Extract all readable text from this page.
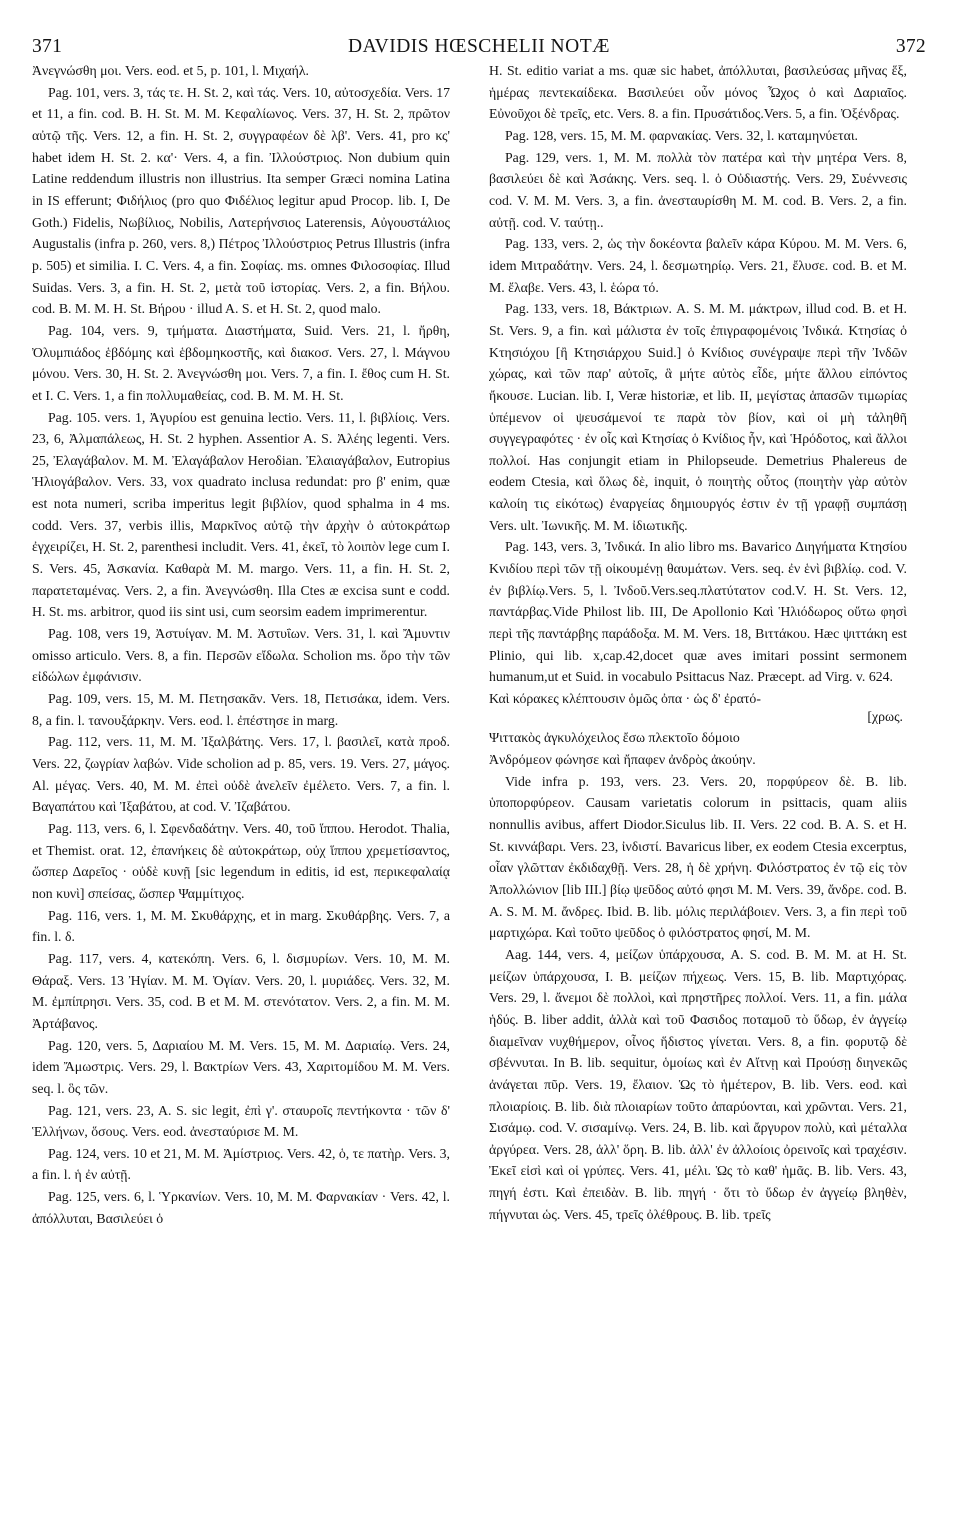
371	DAVIDIS HŒSCHELII NOTÆ	372

Ἀνεγνώσθη μοι. Vers. eod. et 5, p. 101, l. Μιχαήλ.

Pag. 101, vers. 3, τάς τε. H. St. 2, καὶ τάς. Vers. 10, αὐτοσχεδία. Vers. 17 et 11, a fin. cod. B. H. St. M. M. Κεφαλίωνος. Vers. 37, H. St. 2, πρῶτον αὐτῷ τῆς. Vers. 12, a fin. H. St. 2, συγγραφέων δὲ λβ'. Vers. 41, pro κς' habet idem H. St. 2. κα'· Vers. 4, a fin. Ἰλλούστριος. Non dubium quin Latine reddendum illustris non illustrius. Ita semper Græci nomina Latina in IS efferunt; Φιδήλιος (pro quo Φιδέλιος legitur apud Procop. lib. I, De Goth.) Fidelis, Νωβίλιος, Nobilis, Λατερήνσιος Laterensis, Αὐγουστάλιος Augustalis (infra p. 260, vers. 8,) Πέτρος Ἰλλούστριος Petrus Illustris (infra p. 505) et similia. I. C. Vers. 4, a fin. Σοφίας. ms. omnes Φιλοσοφίας. Illud Suidas. Vers. 3, a fin. H. St. 2, μετὰ τοῦ ἱστορίας. Vers. 2, a fin. Βήλου. cod. B. M. M. H. St. Βήρου · illud A. S. et H. St. 2, quod malo.

Pag. 104, vers. 9, τμήματα. Διαστήματα, Suid. Vers. 21, l. ἤρθη, Ὀλυμπιάδος ἑβδόμης καὶ ἑβδομηκοστῆς, καὶ διακοσ. Vers. 27, l. Μάγνου μόνου. Vers. 30, H. St. 2. Ἀνεγνώσθη μοι. Vers. 7, a fin. I. ἔθος cum H. St. et I. C. Vers. 1, a fin πολλυμαθείας, cod. B. M. M. H. St.

Pag. 105. vers. 1, Ἀγυρίου est genuina lectio. Vers. 11, l. βιβλίοις. Vers. 23, 6, Ἀλμαπάλεως, H. St. 2 hyphen. Assentior A. S. Ἀλέης legenti. Vers. 25, Ἐλαγάβαλον. M. M. Ἐλαγάβαλον Heroδian. Ἐλαιαγάβαλον, Eutropius Ἡλιογάβαλον. Vers. 33, vox quadrato inclusa redundat: pro β' enim, quæ est nota numeri, scriba imperitus legit βιβλίον, quod sphalma in 4 ms. codd. Vers. 37, verbis illis, Μαρκῖνος αὐτῷ τὴν ἀρχὴν ὁ αὐτοκράτωρ ἐγχειρίζει, H. St. 2, parenthesi includit. Vers. 41, ἐκεῖ, τὸ λοιπὸν lege cum I. S. Vers. 45, Ἀσκανία. Καθαρὰ M. M. margo. Vers. 11, a fin. H. St. 2, παρατεταμένας. Vers. 2, a fin. Ἀνεγνώσθη. Illa Ctes æ excisa sunt e codd. H. St. ms. arbitror, quod iis sint usi, cum seorsim eadem imprimerentur.

Pag. 108, vers 19, Ἀστυίγαν. M. M. Ἀστυΐων. Vers. 31, l. καὶ Ἄμυντιν omisso articulo. Vers. 8, a fin. Περσῶν εἴδωλα. Scholion ms. ὅρο τὴν τῶν εἰδώλων ἐμφάνισιν.

Pag. 109, vers. 15, M. M. Πετησακᾶν. Vers. 18, Πετισάκα, idem. Vers. 8, a fin. l. τανουξάρκην. Vers. eod. l. ἐπέστησε in marg.

Pag. 112, vers. 11, M. M. Ἰξαλβάτης. Vers. 17, l. βασιλεῖ, κατὰ προδ. Vers. 22, ζωγρίαν λαβών. Vide scholion ad p. 85, vers. 19. Vers. 27, μάγος. Al. μέγας. Vers. 40, M. M. ἐπεὶ οὐδὲ ἀνελεῖν ἐμέλετο. Vers. 7, a fin. l. Βαγαπάτου καὶ Ἰξαβάτου, at cod. V. Ἰζαβάτου.

Pag. 113, vers. 6, l. Σφενδαδάτην. Vers. 40, τοῦ ἵππου. Herodot. Thalia, et Themist. orat. 12, ἐπανήκεις δὲ αὐτοκράτωρ, οὐχ ἵππου χρεμετίσαντος, ὥσπερ Δαρεῖος · οὐδὲ κυνῇ [sic legendum in editis, id est, περικεφαλαίᾳ non κυνὶ] σπείσας, ὥσπερ Ψαμμίτιχος.

Pag. 116, vers. 1, M. M. Σκυθάρχης, et in marg. Σκυθάρβης. Vers. 7, a fin. l. δ.

Pag. 117, vers. 4, κατεκόπη. Vers. 6, l. δισμυρίων. Vers. 10, M. M. Θάραξ. Vers. 13 Ἠγίαν. M. M. Ὀγίαν. Vers. 20, l. μυριάδες. Vers. 32, M. M. ἐμπίπρησι. Vers. 35, cod. B et M. M. στενότατον. Vers. 2, a fin. M. M. Ἀρτάβανος.

Pag. 120, vers. 5, Δαριαίου M. M. Vers. 15, M. M. Δαριαίῳ. Vers. 24, idem Ἄμωστρις. Vers. 29, l. Βακτρίων Vers. 43, Χαριτομίδου M. M. Vers. seq. l. ὃς τῶν.

Pag. 121, vers. 23, A. S. sic legit, ἐπὶ γ'. σταυροῖς πεντήκοντα · τῶν δ' Ἑλλήνων, ὅσους. Vers. eod. ἀνεσταύρισε M. M.

Pag. 124, vers. 10 et 21, M. M. Ἀμίστριος. Vers. 42, ὁ, τε πατὴρ. Vers. 3, a fin. l. ἡ ἐν αὐτῇ.

Pag. 125, vers. 6, l. Ὑρκανίων. Vers. 10, M. M. Φαρνακίαν · Vers. 42, l. ἀπόλλυται, Βασιλεύει ὁ

H. St. editio variat a ms. quæ sic habet, ἀπόλλυται, βασιλεύσας μῆνας ἕξ, ἡμέρας πεντεκαίδεκα. Βασιλεύει οὖν μόνος Ὦχος ὁ καὶ Δαριαῖος. Εὐνοῦχοι δὲ τρεῖς, etc. Vers. 8. a fin. Πρυσάτιδος.Vers. 5, a fin. Ὀξένδρας.

Pag. 128, vers. 15, M. M. φαρνακίας. Vers. 32, l. καταμηνύεται.

Pag. 129, vers. 1, M. M. πολλὰ τὸν πατέρα καὶ τὴν μητέρα Vers. 8, βασιλεύει δὲ καὶ Ἀσάκης. Vers. seq. l. ὁ Οὐδιαστής. Vers. 29, Συέννεσις cod. V. M. M. Vers. 3, a fin. ἀνεσταυρίσθη M. M. cod. B. Vers. 2, a fin. αὐτῇ. cod. V. ταύτῃ..

Pag. 133, vers. 2, ὡς τὴν δοκέοντα βαλεῖν κάρα Κύρου. M. M. Vers. 6, idem Μιτραδάτην. Vers. 24, l. δεσμωτηρίῳ. Vers. 21, ἔλυσε. cod. B. et M. M. ἔλαβε. Vers. 43, l. ἑώρα τό.

Pag. 133, vers. 18, Βάκτριων. A. S. M. M. μάκτρων, illud cod. B. et H. St. Vers. 9, a fin. καὶ μάλιστα ἐν τοῖς ἐπιγραφομένοις Ἰνδικά. Κτησίας ὁ Κτησιόχου [ἢ Κτησιάρχου Suid.] ὁ Κνίδιος συνέγραψε περὶ τῆν Ἰνδῶν χώρας, καὶ τῶν παρ' αὐτοῖς, ἃ μήτε αὐτὸς εἶδε, μήτε ἄλλου εἰπόντος ἤκουσε. Lucian. lib. I, Veræ historiæ, et lib. II, μεγίστας ἁπασῶν τιμωρίας ὑπέμενον οἱ ψευσάμενοί τε παρὰ τὸν βίον, καὶ οἱ μὴ τἀληθῆ συγγεγραφότες · ἐν οἷς καὶ Κτησίας ὁ Κνίδιος ἦν, καὶ Ἡρόδοτος, καὶ ἄλλοι πολλοί. Has conjungit etiam in Philopseude. Demetrius Phalereus de eodem Ctesia, καὶ ὅλως δὲ, inquit, ὁ ποιητὴς οὗτος (ποιητὴν γὰρ αὐτὸν καλοίη τις εἰκότως) ἐναργείας δημιουργός ἐστιν ἐν τῇ γραφῇ συμπάσῃ Vers. ult. Ἰωνικῆς. M. M. ἰδιωτικῆς.

Pag. 143, vers. 3, Ἰνδικά. In alio libro ms. Bavarico Διηγήματα Κτησίου Κνιδίου περὶ τῶν τῇ οἰκουμένῃ θαυμάτων. Vers. seq. ἐν ἑνὶ βιβλίῳ. cod. V. ἐν βιβλίῳ.Vers. 5, l. Ἰνδοῦ.Vers.seq.πλατύτατον cod.V. H. St. Vers. 12, παντάρβας.Vide Philost lib. III, De Apollonio Καὶ Ἡλιόδωρος οὕτω φησὶ περὶ τῆς παντάρβης παράδοξα. M. M. Vers. 18, Βιττάκου. Hæc ψιττάκη est Plinio, qui lib. x,cap.42,docet quæ aves imitari possint sermonem humanum,ut et Suid. in vocabulo Psittacus Naz. Præcept. ad Virg. v. 624.

Καὶ κόρακες κλέπτουσιν ὁμῶς ὀπα · ὡς δ' ἐρατό-

[χρως.

Ψιττακὸς ἀγκυλόχειλος ἔσω πλεκτοῖο δόμοιο

Ἀνδρόμεον φώνησε καὶ ἤπαφεν ἀνδρὸς ἀκούην.

Vide infra p. 193, vers. 23. Vers. 20, πορφύρεον δὲ. B. lib. ὑποπορφύρεον. Causam varietatis colorum in psittacis, quam aliis nonnullis avibus, affert Diodor.Siculus lib. II. Vers. 22 cod. B. A. S. et H. St. κιννάβαρι. Vers. 23, ἰνδιστί. Bavaricus liber, ex eodem Ctesia excerptus, οἷαν γλῶτταν ἐκδιδαχθῇ. Vers. 28, ἡ δὲ χρήνη. Φιλόστρατος ἐν τῷ εἰς τὸν Ἀπολλώνιον [lib III.] βίῳ ψεῦδος αὐτό φησι M. M. Vers. 39, ἄνδρε. cod. B. A. S. M. M. ἄνδρες. Ibid. B. lib. μόλις περιλάβοιεν. Vers. 3, a fin περὶ τοῦ μαρτιχώρα. Καὶ τοῦτο ψεῦδος ὁ φιλόστρατος φησί, M. M.

Aag. 144, vers. 4, μείζων ὑπάρχουσα, A. S. cod. B. M. M. at H. St. μείζων ὑπάρχουσα, I. B. μείζων πήχεως. Vers. 15, B. lib. Μαρτιχόρας. Vers. 29, l. ἄνεμοι δὲ πολλοὶ, καὶ πρηστῆρες πολλοί. Vers. 11, a fin. μάλα ἡδύς. B. liber addit, ἀλλὰ καὶ τοῦ Φασιδος ποταμοῦ τὸ ὕδωρ, ἐν ἀγγείῳ διαμεῖναν νυχθήμερον, οἶνος ἥδιστος γίνεται. Vers. 8, a fin. φορυτῷ δὲ σβέννυται. In B. lib. sequitur, ὁμοίως καὶ ἐν Αἴτνῃ καὶ Προύσῃ διηνεκῶς ἀνάγεται πῦρ. Vers. 19, ἔλαιον. Ὡς τὸ ἡμέτερον, B. lib. Vers. eod. καὶ πλοιαρίοις. B. lib. διὰ πλοιαρίων τοῦτο ἀπαρύονται, καὶ χρῶνται. Vers. 21, Σισάμῳ. cod. V. σισαμίνῳ. Vers. 24, B. lib. καὶ ἄργυρον πολὺ, καὶ μέταλλα ἀργύρεα. Vers. 28, ἀλλ' ὅρη. B. lib. ἀλλ' ἐν ἀλλοίοις ὀρεινοῖς καὶ τραχέσιν. Ἐκεῖ εἰσὶ καὶ οἱ γρύπες. Vers. 41, μέλι. Ὡς τὸ καθ' ἡμᾶς. B. lib. Vers. 43, πηγή ἐστι. Καὶ ἐπειδὰν. B. lib. πηγή · ὅτι τὸ ὕδωρ ἐν ἀγγείῳ βληθὲν, πήγνυται ὡς. Vers. 45, τρεῖς ὀλέθρους. B. lib. τρεῖς
